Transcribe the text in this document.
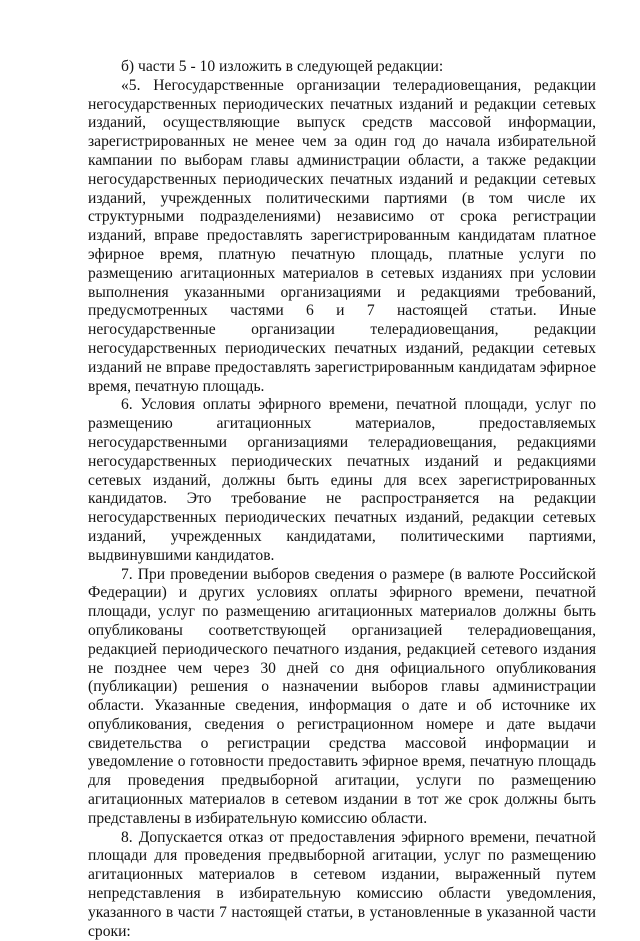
б) части 5 - 10 изложить в следующей редакции:

«5. Негосударственные организации телерадиовещания, редакции негосударственных периодических печатных изданий и редакции сетевых изданий, осуществляющие выпуск средств массовой информации, зарегистрированных не менее чем за один год до начала избирательной кампании по выборам главы администрации области, а также редакции негосударственных периодических печатных изданий и редакции сетевых изданий, учрежденных политическими партиями (в том числе их структурными подразделениями) независимо от срока регистрации изданий, вправе предоставлять зарегистрированным кандидатам платное эфирное время, платную печатную площадь, платные услуги по размещению агитационных материалов в сетевых изданиях при условии выполнения указанными организациями и редакциями требований, предусмотренных частями 6 и 7 настоящей статьи. Иные негосударственные организации телерадиовещания, редакции негосударственных периодических печатных изданий, редакции сетевых изданий не вправе предоставлять зарегистрированным кандидатам эфирное время, печатную площадь.

6. Условия оплаты эфирного времени, печатной площади, услуг по размещению агитационных материалов, предоставляемых негосударственными организациями телерадиовещания, редакциями негосударственных периодических печатных изданий и редакциями сетевых изданий, должны быть едины для всех зарегистрированных кандидатов. Это требование не распространяется на редакции негосударственных периодических печатных изданий, редакции сетевых изданий, учрежденных кандидатами, политическими партиями, выдвинувшими кандидатов.

7. При проведении выборов сведения о размере (в валюте Российской Федерации) и других условиях оплаты эфирного времени, печатной площади, услуг по размещению агитационных материалов должны быть опубликованы соответствующей организацией телерадиовещания, редакцией периодического печатного издания, редакцией сетевого издания не позднее чем через 30 дней со дня официального опубликования (публикации) решения о назначении выборов главы администрации области. Указанные сведения, информация о дате и об источнике их опубликования, сведения о регистрационном номере и дате выдачи свидетельства о регистрации средства массовой информации и уведомление о готовности предоставить эфирное время, печатную площадь для проведения предвыборной агитации, услуги по размещению агитационных материалов в сетевом издании в тот же срок должны быть представлены в избирательную комиссию области.

8. Допускается отказ от предоставления эфирного времени, печатной площади для проведения предвыборной агитации, услуг по размещению агитационных материалов в сетевом издании, выраженный путем непредставления в избирательную комиссию области уведомления, указанного в части 7 настоящей статьи, в установленные в указанной части сроки:
